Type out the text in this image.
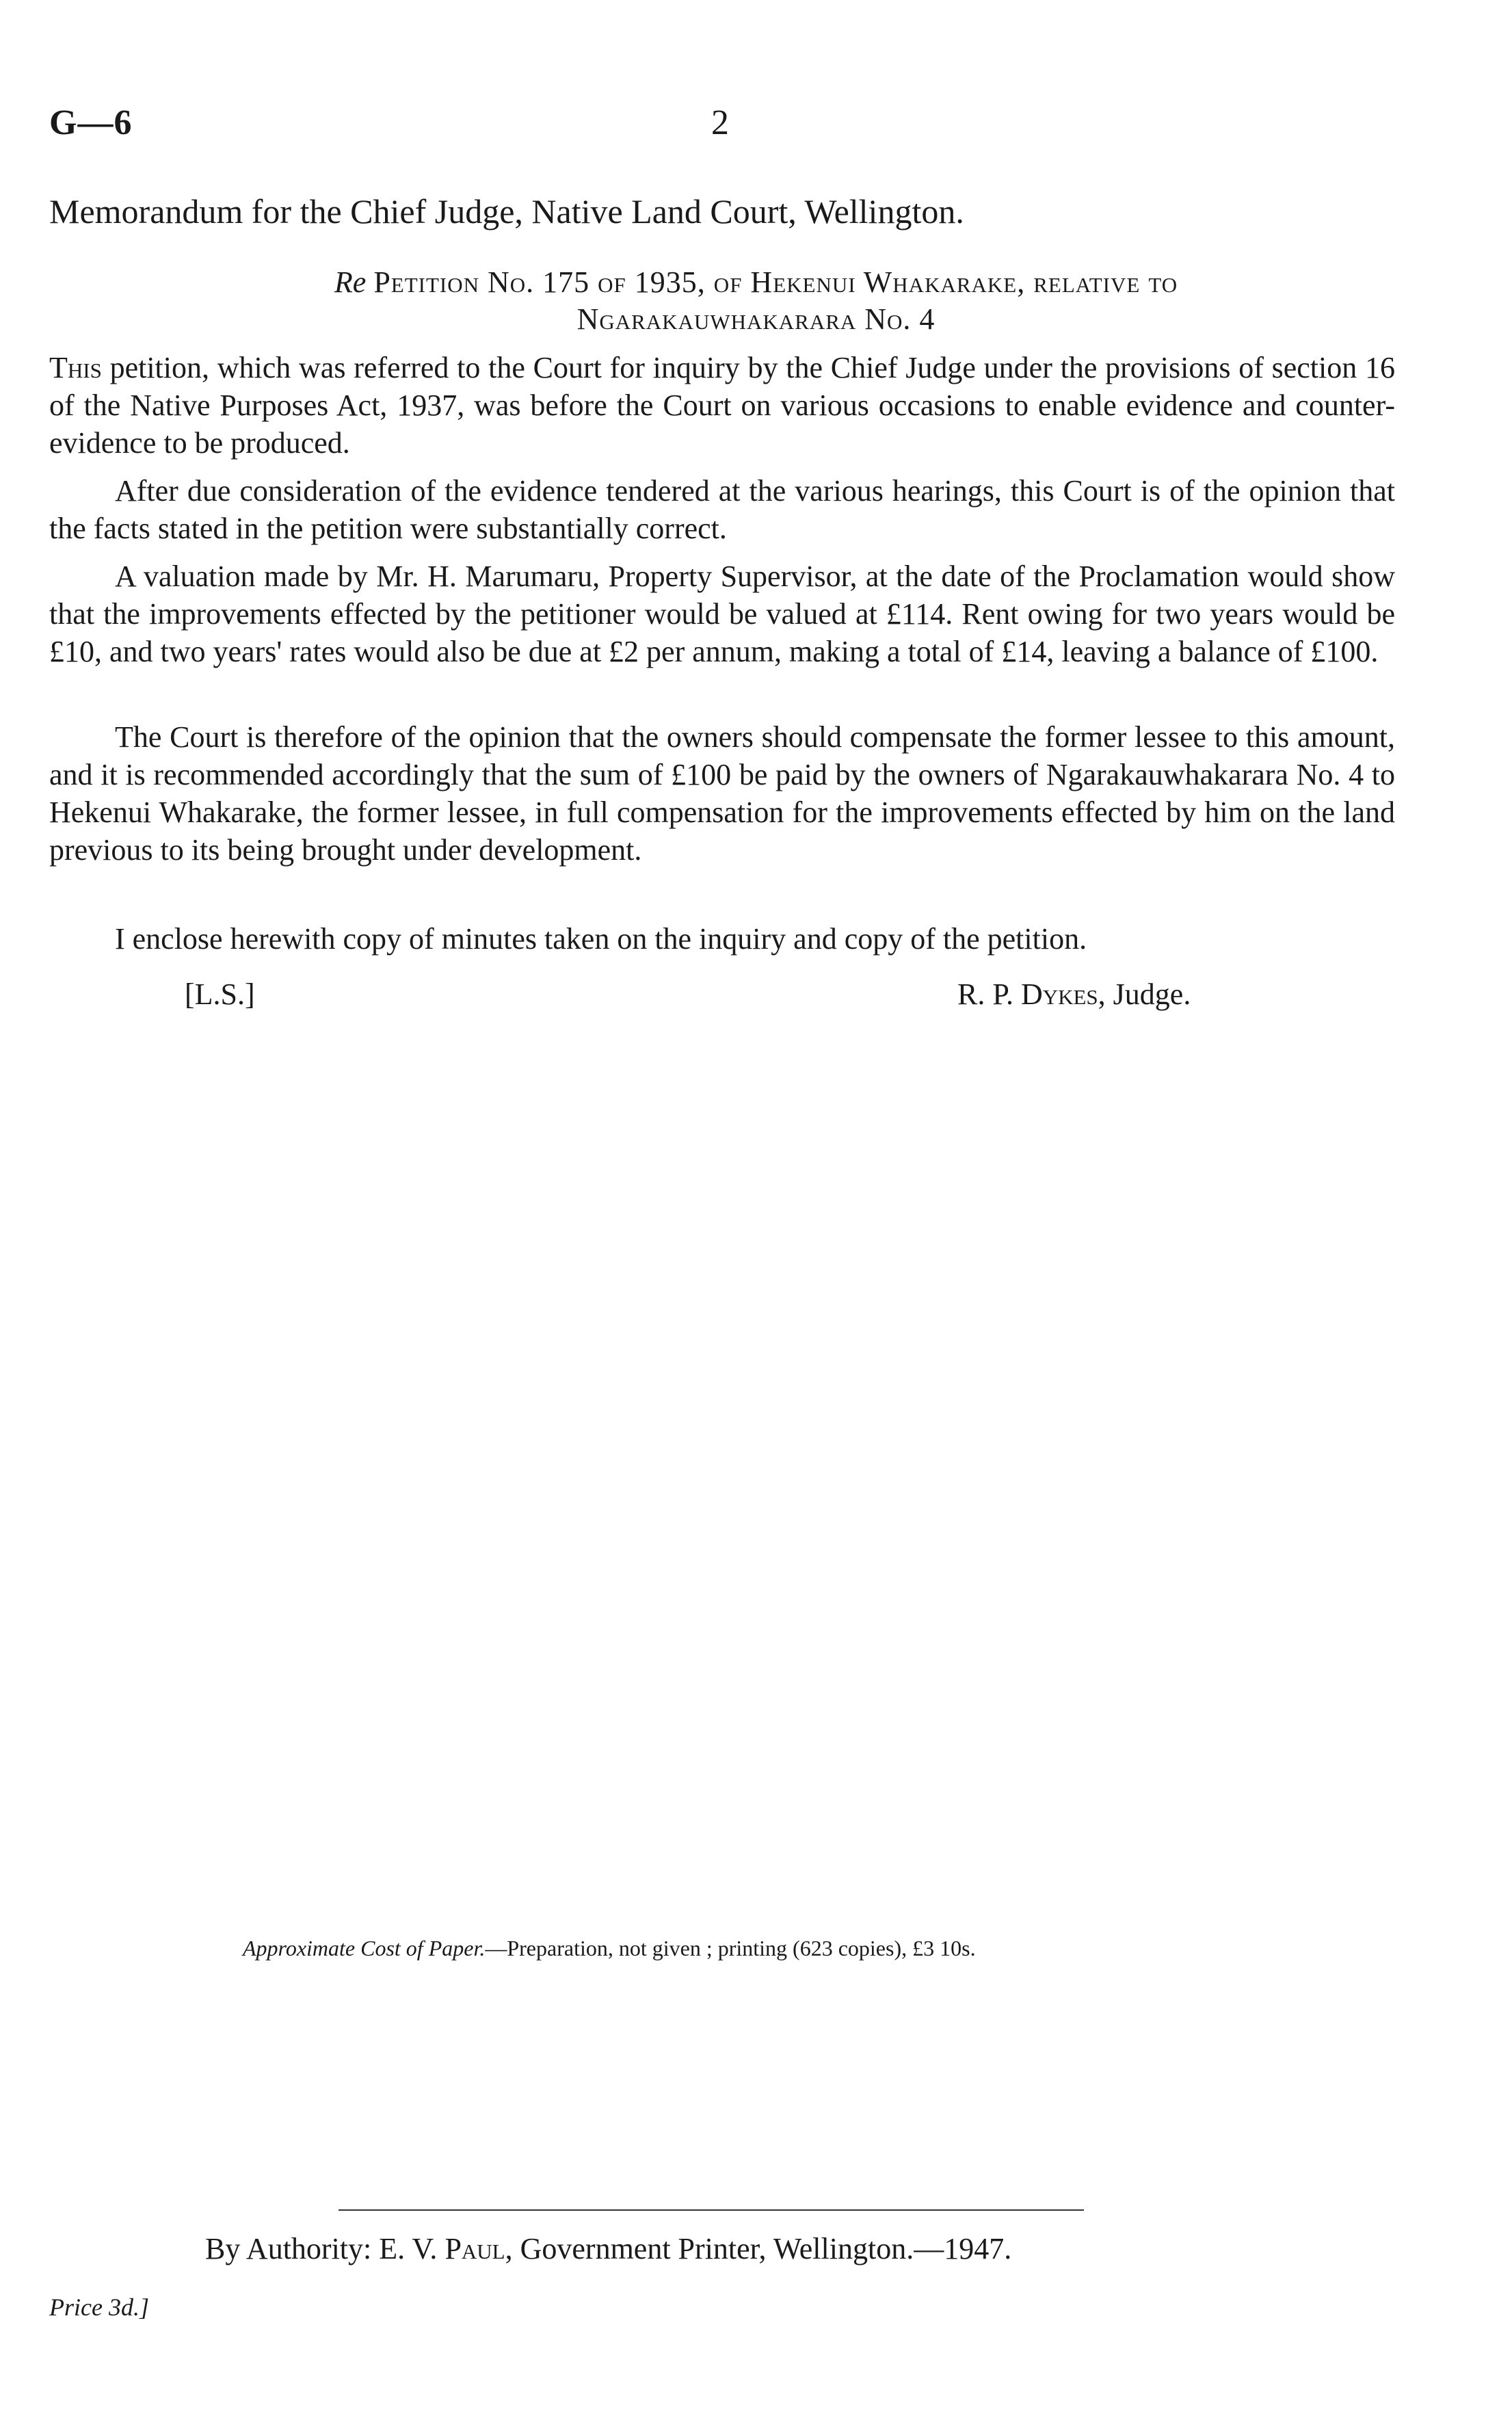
G—6	2
Memorandum for the Chief Judge, Native Land Court, Wellington.
Re Petition No. 175 of 1935, of Hekenui Whakarake, relative to
Ngarakauwhakarara No. 4
This petition, which was referred to the Court for inquiry by the Chief Judge under the provisions of section 16 of the Native Purposes Act, 1937, was before the Court on various occasions to enable evidence and counter-evidence to be produced.
After due consideration of the evidence tendered at the various hearings, this Court is of the opinion that the facts stated in the petition were substantially correct.
A valuation made by Mr. H. Marumaru, Property Supervisor, at the date of the Proclamation would show that the improvements effected by the petitioner would be valued at £114. Rent owing for two years would be £10, and two years' rates would also be due at £2 per annum, making a total of £14, leaving a balance of £100.
The Court is therefore of the opinion that the owners should compensate the former lessee to this amount, and it is recommended accordingly that the sum of £100 be paid by the owners of Ngarakauwhakarara No. 4 to Hekenui Whakarake, the former lessee, in full compensation for the improvements effected by him on the land previous to its being brought under development.
I enclose herewith copy of minutes taken on the inquiry and copy of the petition.
[L.S.]	R. P. Dykes, Judge.
Approximate Cost of Paper.—Preparation, not given ; printing (623 copies), £3 10s.
By Authority: E. V. Paul, Government Printer, Wellington.—1947.
Price 3d.]
